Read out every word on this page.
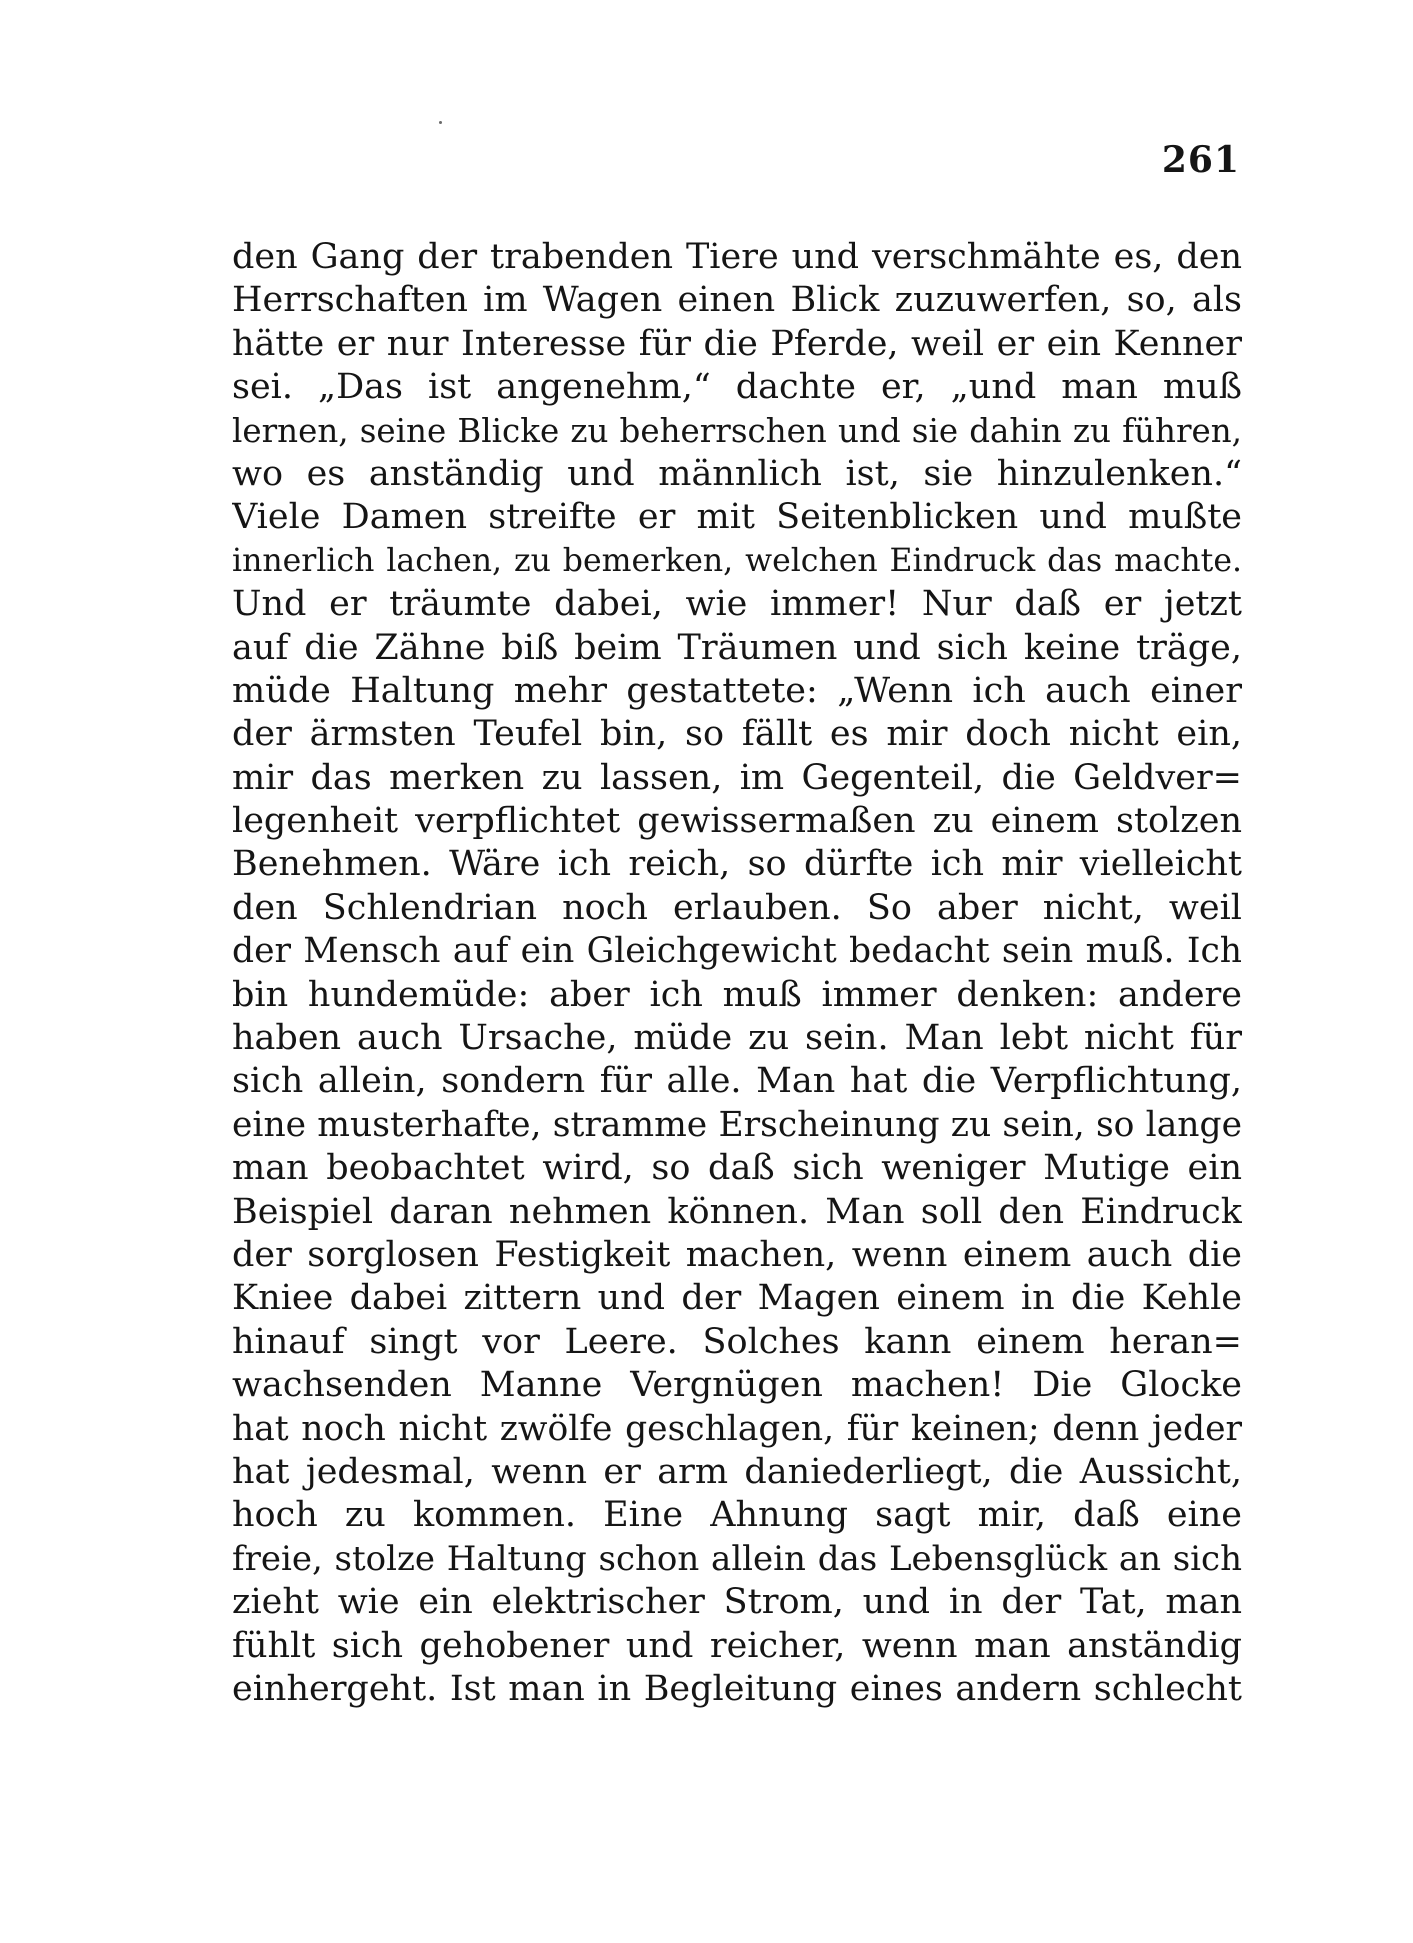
261
den Gang der trabenden Tiere und verschmähte es, den
Herrschaften im Wagen einen Blick zuzuwerfen, so, als
hätte er nur Interesse für die Pferde, weil er ein Kenner
sei. „Das ist angenehm,“ dachte er, „und man muß
lernen, seine Blicke zu beherrschen und sie dahin zu führen,
wo es anständig und männlich ist, sie hinzulenken.“
Viele Damen streifte er mit Seitenblicken und mußte
innerlich lachen, zu bemerken, welchen Eindruck das machte.
Und er träumte dabei, wie immer! Nur daß er jetzt
auf die Zähne biß beim Träumen und sich keine träge,
müde Haltung mehr gestattete: „Wenn ich auch einer
der ärmsten Teufel bin, so fällt es mir doch nicht ein,
mir das merken zu lassen, im Gegenteil, die Geldver=
legenheit verpflichtet gewissermaßen zu einem stolzen
Benehmen. Wäre ich reich, so dürfte ich mir vielleicht
den Schlendrian noch erlauben. So aber nicht, weil
der Mensch auf ein Gleichgewicht bedacht sein muß. Ich
bin hundemüde: aber ich muß immer denken: andere
haben auch Ursache, müde zu sein. Man lebt nicht für
sich allein, sondern für alle. Man hat die Verpflichtung,
eine musterhafte, stramme Erscheinung zu sein, so lange
man beobachtet wird, so daß sich weniger Mutige ein
Beispiel daran nehmen können. Man soll den Eindruck
der sorglosen Festigkeit machen, wenn einem auch die
Kniee dabei zittern und der Magen einem in die Kehle
hinauf singt vor Leere. Solches kann einem heran=
wachsenden Manne Vergnügen machen! Die Glocke
hat noch nicht zwölfe geschlagen, für keinen; denn jeder
hat jedesmal, wenn er arm daniederliegt, die Aussicht,
hoch zu kommen. Eine Ahnung sagt mir, daß eine
freie, stolze Haltung schon allein das Lebensglück an sich
zieht wie ein elektrischer Strom, und in der Tat, man
fühlt sich gehobener und reicher, wenn man anständig
einhergeht. Ist man in Begleitung eines andern schlecht
